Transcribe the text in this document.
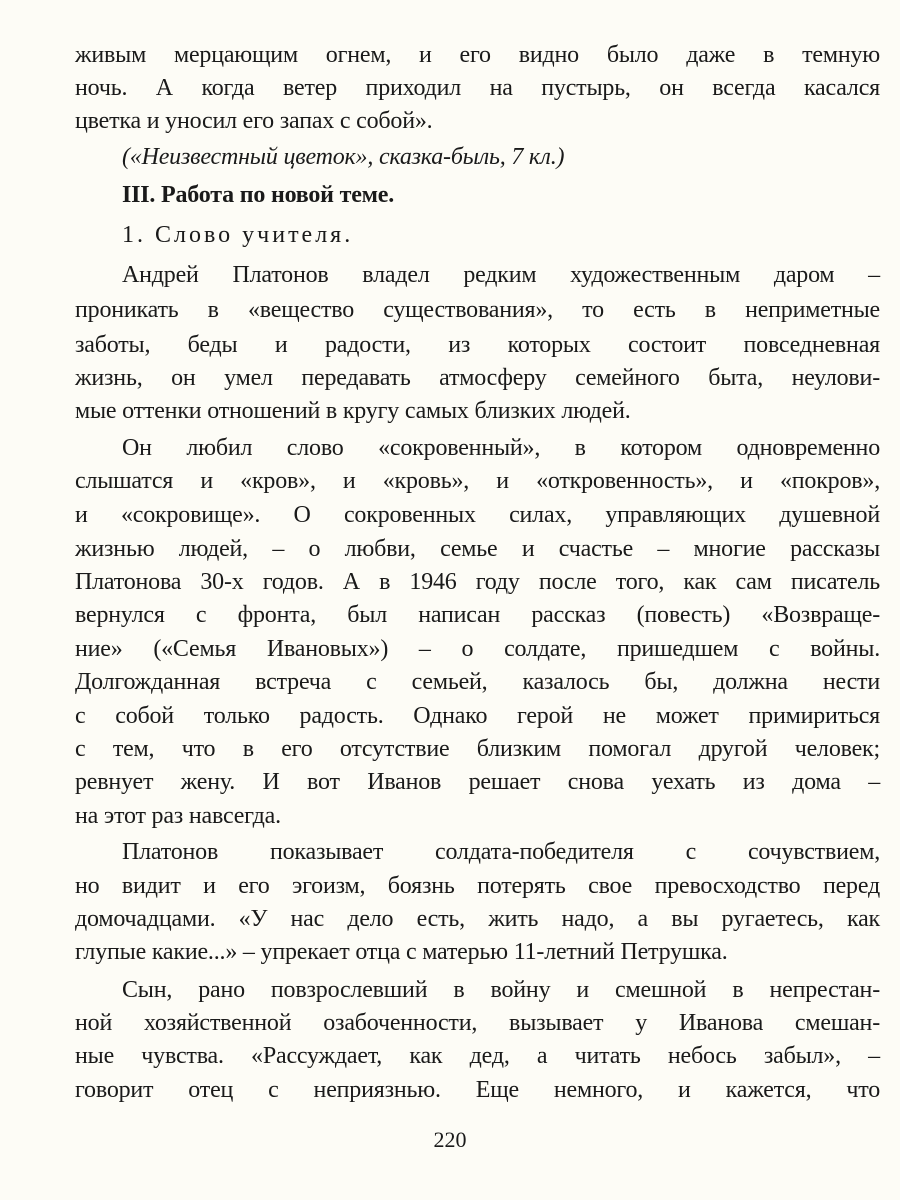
живым мерцающим огнем, и его видно было даже в темную
ночь. А когда ветер приходил на пустырь, он всегда касался
цветка и уносил его запах с собой».
(«Неизвестный цветок», сказка-быль, 7 кл.)
III. Работа по новой теме.
1. Слово учителя.
Андрей Платонов владел редким художественным даром –
проникать в «вещество существования», то есть в неприметные
заботы, беды и радости, из которых состоит повседневная
жизнь, он умел передавать атмосферу семейного быта, неулови-
мые оттенки отношений в кругу самых близких людей.
Он любил слово «сокровенный», в котором одновременно
слышатся и «кров», и «кровь», и «откровенность», и «покров»,
и «сокровище». О сокровенных силах, управляющих душевной
жизнью людей, – о любви, семье и счастье – многие рассказы
Платонова 30-х годов. А в 1946 году после того, как сам писатель
вернулся с фронта, был написан рассказ (повесть) «Возвраще-
ние» («Семья Ивановых») – о солдате, пришедшем с войны.
Долгожданная встреча с семьей, казалось бы, должна нести
с собой только радость. Однако герой не может примириться
с тем, что в его отсутствие близким помогал другой человек;
ревнует жену. И вот Иванов решает снова уехать из дома –
на этот раз навсегда.
Платонов показывает солдата-победителя с сочувствием,
но видит и его эгоизм, боязнь потерять свое превосходство перед
домочадцами. «У нас дело есть, жить надо, а вы ругаетесь, как
глупые какие...» – упрекает отца с матерью 11-летний Петрушка.
Сын, рано повзрослевший в войну и смешной в непрестан-
ной хозяйственной озабоченности, вызывает у Иванова смешан-
ные чувства. «Рассуждает, как дед, а читать небось забыл», –
говорит отец с неприязнью. Еще немного, и кажется, что
220
